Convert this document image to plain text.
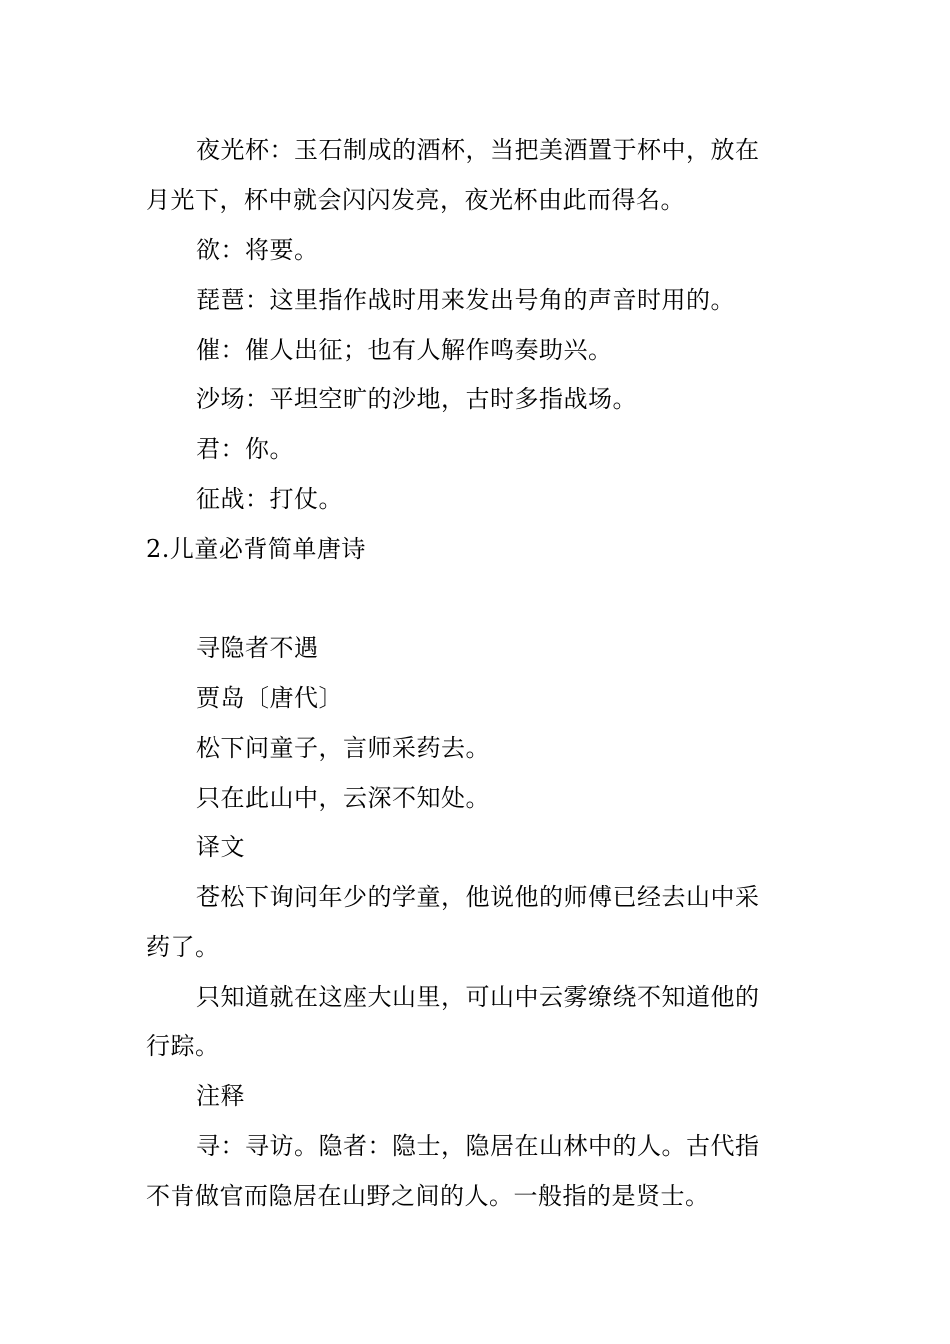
夜光杯：玉石制成的酒杯，当把美酒置于杯中，放在
月光下，杯中就会闪闪发亮，夜光杯由此而得名。
欲：将要。
琵琶：这里指作战时用来发出号角的声音时用的。
催：催人出征；也有人解作鸣奏助兴。
沙场：平坦空旷的沙地，古时多指战场。
君：你。
征战：打仗。
2.儿童必背简单唐诗
寻隐者不遇
贾岛〔唐代〕
松下问童子，言师采药去。
只在此山中，云深不知处。
译文
苍松下询问年少的学童，他说他的师傅已经去山中采
药了。
只知道就在这座大山里，可山中云雾缭绕不知道他的
行踪。
注释
寻：寻访。隐者：隐士，隐居在山林中的人。古代指
不肯做官而隐居在山野之间的人。一般指的是贤士。
